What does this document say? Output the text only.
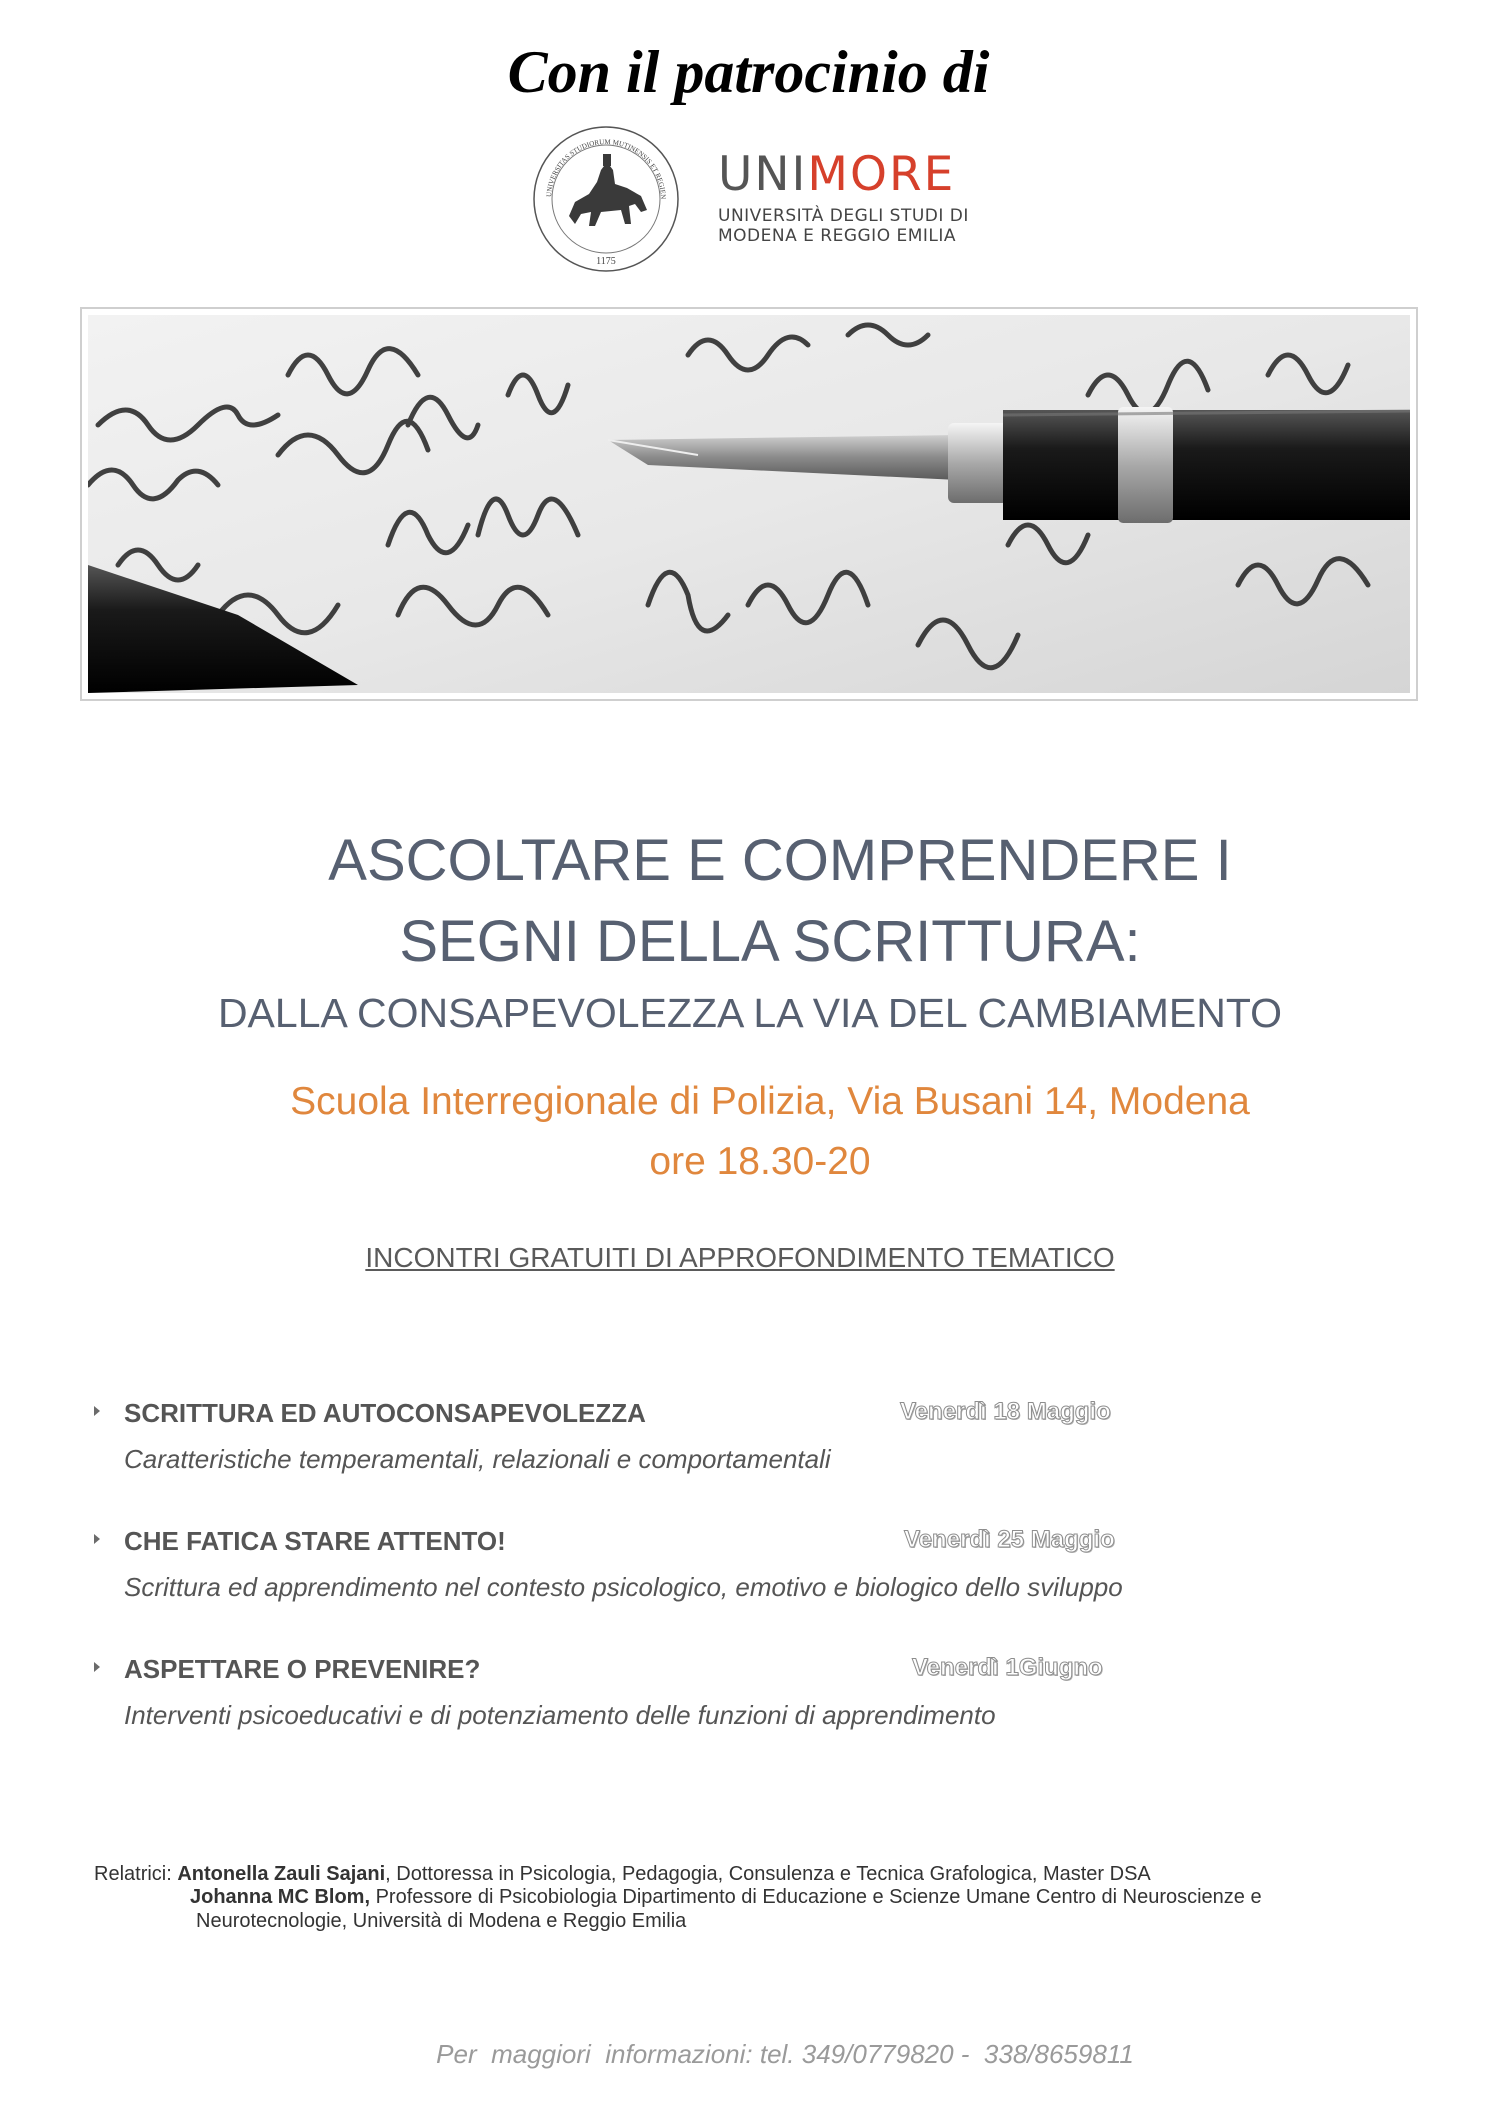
Con il patrocinio di
1175
UNIVERSITAS STUDIORUM MUTINENSIS ET REGIEN UNIMORE
UNIVERSITÀ DEGLI STUDI DI
MODENA E REGGIO EMILIA
ASCOLTARE E COMPRENDERE I
SEGNI DELLA SCRITTURA:
DALLA CONSAPEVOLEZZA LA VIA DEL CAMBIAMENTO
Scuola Interregionale di Polizia, Via Busani 14, Modena
ore 18.30-20
INCONTRI GRATUITI DI APPROFONDIMENTO TEMATICO
SCRITTURA ED AUTOCONSAPEVOLEZZA	Venerdì 18 Maggio
Caratteristiche temperamentali, relazionali e comportamentali
CHE FATICA STARE ATTENTO!	Venerdì 25 Maggio
Scrittura ed apprendimento nel contesto psicologico, emotivo e biologico dello sviluppo
ASPETTARE O PREVENIRE?	Venerdì 1Giugno
Interventi psicoeducativi e di potenziamento delle funzioni di apprendimento
Relatrici: Antonella Zauli Sajani, Dottoressa in Psicologia, Pedagogia, Consulenza e Tecnica Grafologica, Master DSA
Johanna MC Blom, Professore di Psicobiologia Dipartimento di Educazione e Scienze Umane Centro di Neuroscienze e
Neurotecnologie, Università di Modena e Reggio Emilia
Per  maggiori  informazioni: tel. 349/0779820 -  338/8659811
